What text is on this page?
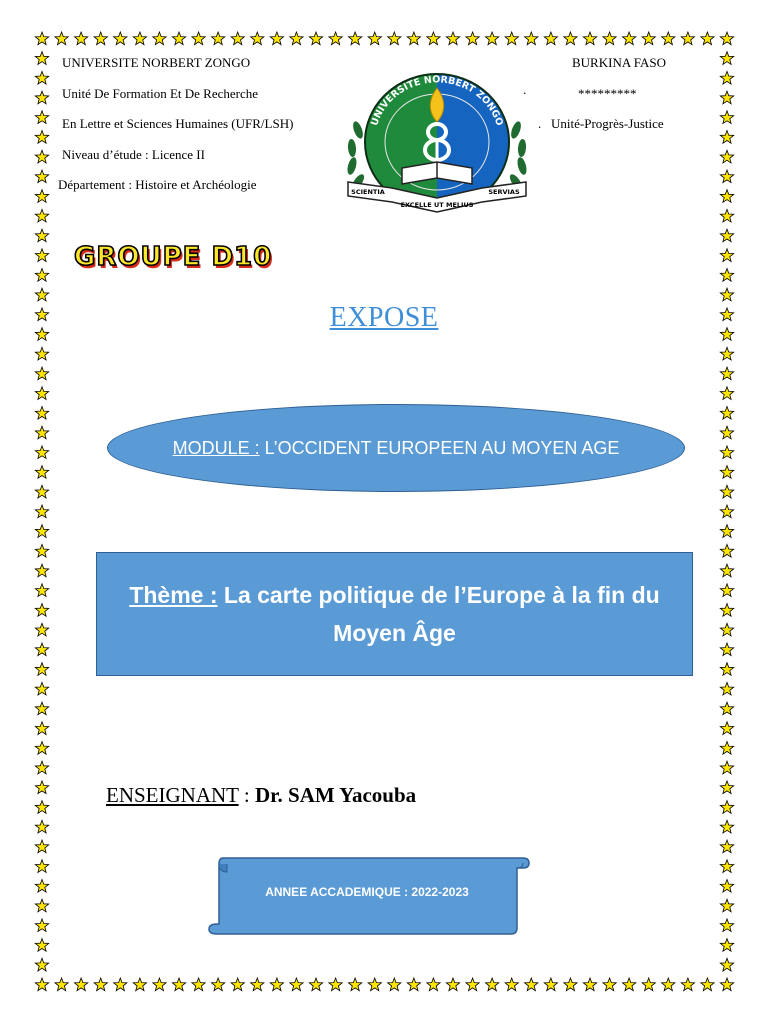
UNIVERSITE NORBERT ZONGO
Unité De Formation Et De Recherche
En Lettre et Sciences Humaines (UFR/LSH)
Niveau d’étude : Licence II
Département : Histoire et Archéologie
BURKINA FASO
*********
.
. Unité-Progrès-Justice
UNIVERSITE NORBERT ZONGO
SCIENTIA
EXCELLE UT MELIUS
SERVIAS
GROUPE D10
EXPOSE
MODULE : L’OCCIDENT EUROPEEN AU MOYEN AGE
Thème : La carte politique de l’Europe à la fin du Moyen Âge
ENSEIGNANT : Dr. SAM Yacouba
ANNEE ACCADEMIQUE : 2022-2023
